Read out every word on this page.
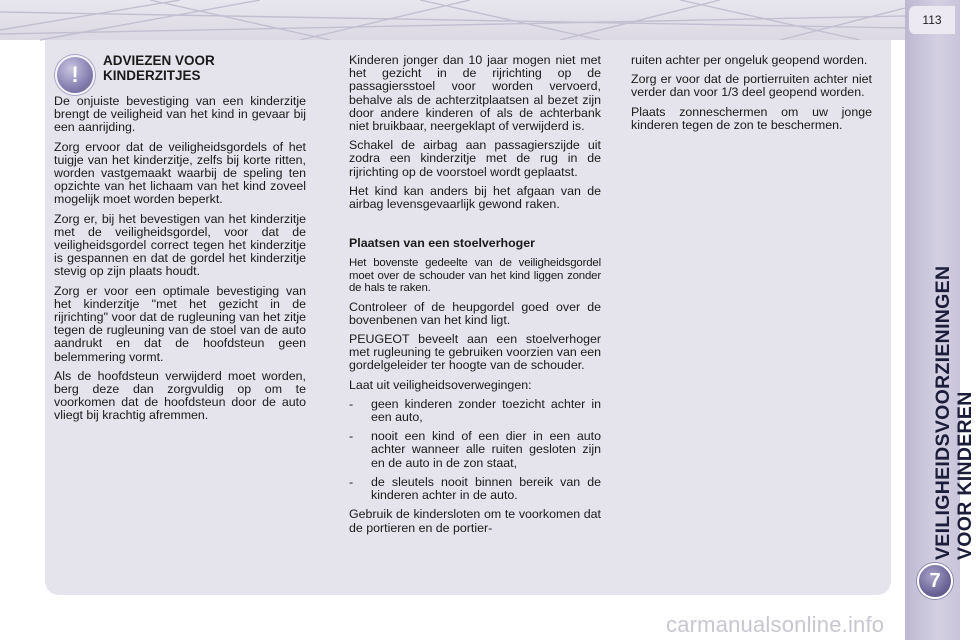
113
VEILIGHEIDSVOORZIENINGEN VOOR KINDEREN
7
!
ADVIEZEN VOOR KINDERZITJES

De onjuiste bevestiging van een kinderzitje brengt de veiligheid van het kind in gevaar bij een aanrijding.

Zorg ervoor dat de veiligheidsgordels of het tuigje van het kinderzitje, zelfs bij korte ritten, worden vastgemaakt waarbij de speling ten opzichte van het lichaam van het kind zoveel mogelijk moet worden beperkt.

Zorg er, bij het bevestigen van het kinderzitje met de veiligheidsgordel, voor dat de veiligheidsgordel correct tegen het kinderzitje is gespannen en dat de gordel het kinderzitje stevig op zijn plaats houdt.

Zorg er voor een optimale bevestiging van het kinderzitje "met het gezicht in de rijrichting" voor dat de rugleuning van het zitje tegen de rugleuning van de stoel van de auto aandrukt en dat de hoofdsteun geen belemmering vormt.

Als de hoofdsteun verwijderd moet worden, berg deze dan zorgvuldig op om te voorkomen dat de hoofdsteun door de auto vliegt bij krachtig afremmen.

Kinderen jonger dan 10 jaar mogen niet met het gezicht in de rijrichting op de passagiersstoel voor worden vervoerd, behalve als de achterzitplaatsen al bezet zijn door andere kinderen of als de achterbank niet bruikbaar, neergeklapt of verwijderd is.

Schakel de airbag aan passagierszijde uit zodra een kinderzitje met de rug in de rijrichting op de voorstoel wordt geplaatst.

Het kind kan anders bij het afgaan van de airbag levensgevaarlijk gewond raken.

Plaatsen van een stoelverhoger

Het bovenste gedeelte van de veiligheidsgordel moet over de schouder van het kind liggen zonder de hals te raken.

Controleer of de heupgordel goed over de bovenbenen van het kind ligt.

PEUGEOT beveelt aan een stoelverhoger met rugleuning te gebruiken voorzien van een gordelgeleider ter hoogte van de schouder.

Laat uit veiligheidsoverwegingen:

-	geen kinderen zonder toezicht achter in een auto,
-	nooit een kind of een dier in een auto achter wanneer alle ruiten gesloten zijn en de auto in de zon staat,
-	de sleutels nooit binnen bereik van de kinderen achter in de auto.

Gebruik de kindersloten om te voorkomen dat de portieren en de portier-

ruiten achter per ongeluk geopend worden.

Zorg er voor dat de portierruiten achter niet verder dan voor 1/3 deel geopend worden.

Plaats zonneschermen om uw jonge kinderen tegen de zon te beschermen.

carmanualsonline.info
